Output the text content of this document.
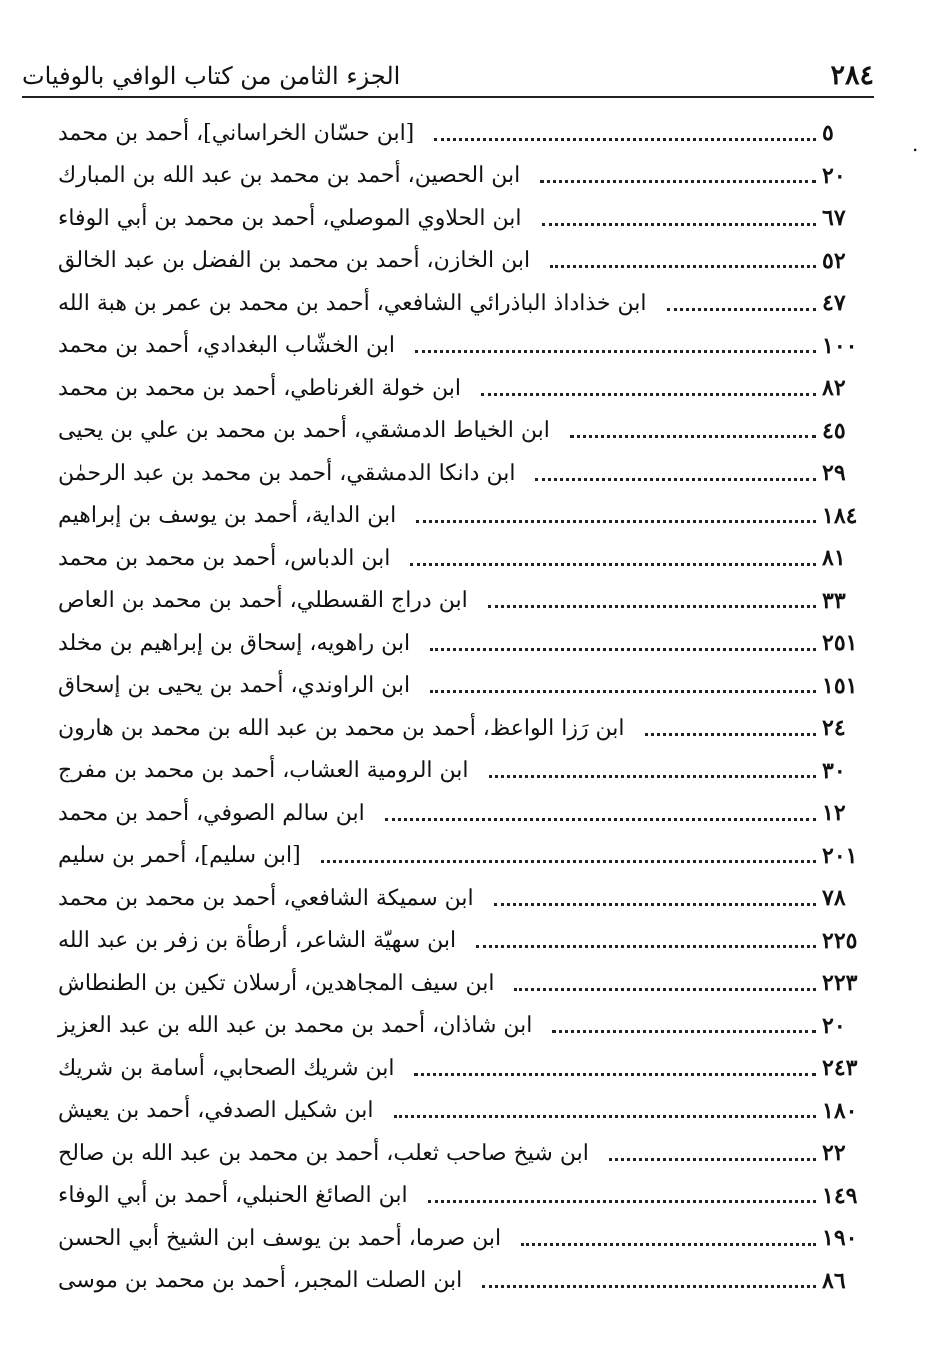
٢٨٤
الجزء الثامن من كتاب الوافي بالوفيات
.
[ابن حسّان الخراساني]، أحمد بن محمد	٥
ابن الحصين، أحمد بن محمد بن عبد الله بن المبارك	٢٠
ابن الحلاوي الموصلي، أحمد بن محمد بن أبي الوفاء	٦٧
ابن الخازن، أحمد بن محمد بن الفضل بن عبد الخالق	٥٢
ابن خذاداذ الباذرائي الشافعي، أحمد بن محمد بن عمر بن هبة الله	٤٧
ابن الخشّاب البغدادي، أحمد بن محمد	١٠٠
ابن خولة الغرناطي، أحمد بن محمد بن محمد	٨٢
ابن الخياط الدمشقي، أحمد بن محمد بن علي بن يحيى	٤٥
ابن دانكا الدمشقي، أحمد بن محمد بن عبد الرحمٰن	٢٩
ابن الداية، أحمد بن يوسف بن إبراهيم	١٨٤
ابن الدباس، أحمد بن محمد بن محمد	٨١
ابن دراج القسطلي، أحمد بن محمد بن العاص	٣٣
ابن راهويه، إسحاق بن إبراهيم بن مخلد	٢٥١
ابن الراوندي، أحمد بن يحيى بن إسحاق	١٥١
ابن رَزا الواعظ، أحمد بن محمد بن عبد الله بن محمد بن هارون	٢٤
ابن الرومية العشاب، أحمد بن محمد بن مفرج	٣٠
ابن سالم الصوفي، أحمد بن محمد	١٢
[ابن سليم]، أحمر بن سليم	٢٠١
ابن سميكة الشافعي، أحمد بن محمد بن محمد	٧٨
ابن سهيّة الشاعر، أرطأة بن زفر بن عبد الله	٢٢٥
ابن سيف المجاهدين، أرسلان تكين بن الطنطاش	٢٢٣
ابن شاذان، أحمد بن محمد بن عبد الله بن عبد العزيز	٢٠
ابن شريك الصحابي، أسامة بن شريك	٢٤٣
ابن شكيل الصدفي، أحمد بن يعيش	١٨٠
ابن شيخ صاحب ثعلب، أحمد بن محمد بن عبد الله بن صالح	٢٢
ابن الصائغ الحنبلي، أحمد بن أبي الوفاء	١٤٩
ابن صرما، أحمد بن يوسف ابن الشيخ أبي الحسن	١٩٠
ابن الصلت المجبر، أحمد بن محمد بن موسى	٨٦
